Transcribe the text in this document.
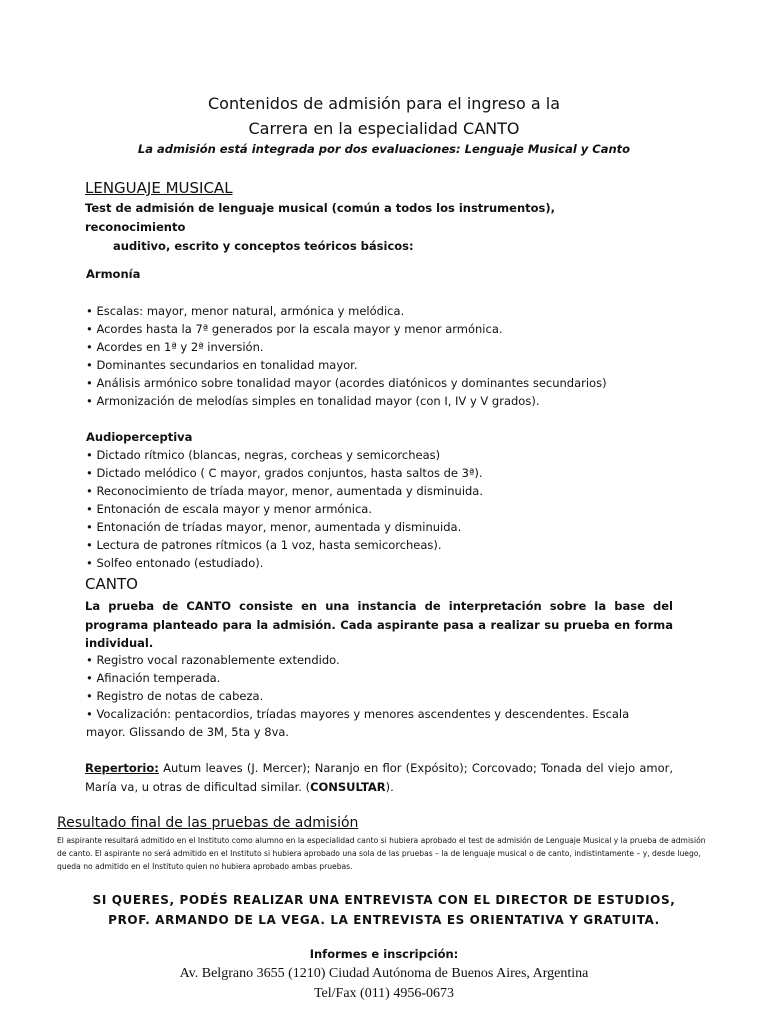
Contenidos de admisión para el ingreso a la
Carrera en la especialidad CANTO
La admisión está integrada por dos evaluaciones: Lenguaje Musical y Canto
LENGUAJE MUSICAL
Test de admisión de lenguaje musical (común a todos los instrumentos), reconocimiento
auditivo, escrito y conceptos teóricos básicos:
Armonía
• Escalas: mayor, menor natural, armónica y melódica.
• Acordes hasta la 7ª generados por la escala mayor y menor armónica.
• Acordes en 1ª y 2ª inversión.
• Dominantes secundarios en tonalidad mayor.
• Análisis armónico sobre tonalidad mayor (acordes diatónicos y dominantes secundarios)
• Armonización de melodías simples en tonalidad mayor (con I, IV y V grados).
Audioperceptiva
• Dictado rítmico (blancas, negras, corcheas y semicorcheas)
• Dictado melódico ( C mayor, grados conjuntos, hasta saltos de 3ª).
• Reconocimiento de tríada mayor, menor, aumentada y disminuida.
• Entonación de escala mayor y menor armónica.
• Entonación de tríadas mayor, menor, aumentada y disminuida.
• Lectura de patrones rítmicos (a 1 voz, hasta semicorcheas).
• Solfeo entonado (estudiado).
CANTO
La prueba de CANTO consiste en una instancia de interpretación sobre la base del programa planteado para la admisión. Cada aspirante pasa a realizar su prueba en forma individual.
• Registro vocal razonablemente extendido.
• Afinación temperada.
• Registro de notas de cabeza.
• Vocalización: pentacordios, tríadas mayores y menores ascendentes y descendentes. Escala
mayor. Glissando de 3M, 5ta y 8va.
Repertorio: Autum leaves (J. Mercer); Naranjo en flor (Expósito); Corcovado; Tonada del viejo amor, María va, u otras de dificultad similar. (CONSULTAR).
Resultado final de las pruebas de admisión
El aspirante resultará admitido en el Instituto como alumno en la especialidad canto si hubiera aprobado el test de admisión de Lenguaje Musical y la prueba de admisión de canto. El aspirante no será admitido en el Instituto si hubiera aprobado una sola de las pruebas – la de lenguaje musical o de canto, indistintamente – y, desde luego, queda no admitido en el Instituto quien no hubiera aprobado ambas pruebas.
SI QUERES, PODÉS REALIZAR UNA ENTREVISTA CON EL DIRECTOR DE ESTUDIOS,
PROF. ARMANDO DE LA VEGA. LA ENTREVISTA ES ORIENTATIVA Y GRATUITA.
Informes e inscripción:
Av. Belgrano 3655 (1210) Ciudad Autónoma de Buenos Aires, Argentina
Tel/Fax (011) 4956-0673
